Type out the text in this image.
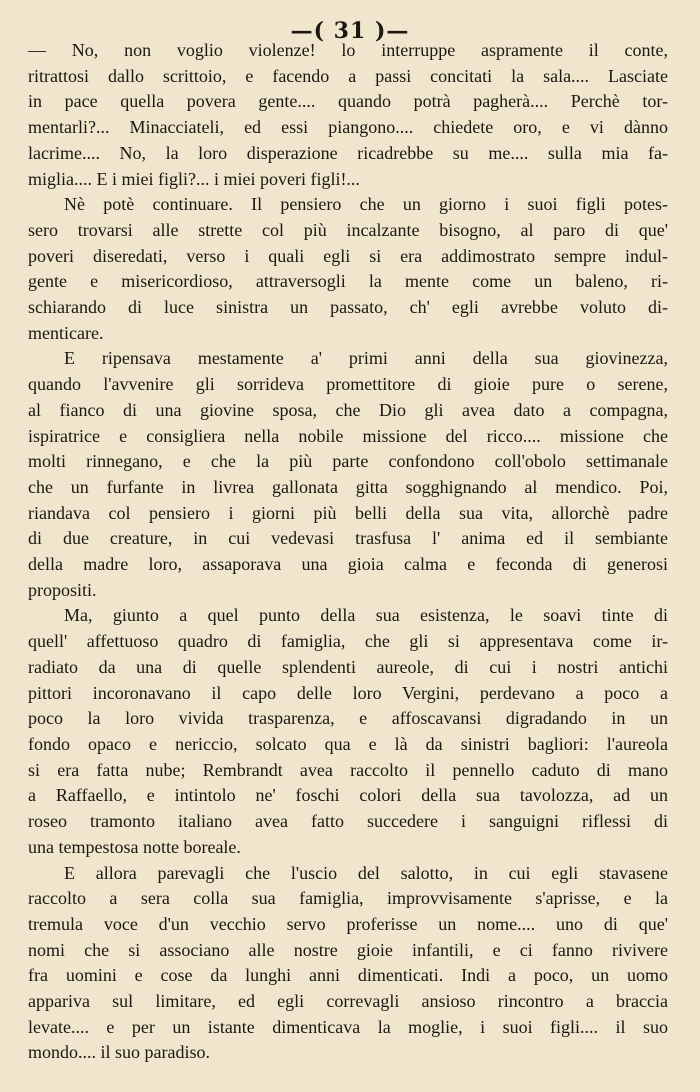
—( 31 )—

— No, non voglio violenze! lo interruppe aspramente il conte,
ritrattosi dallo scrittoio, e facendo a passi concitati la sala.... Lasciate
in pace quella povera gente.... quando potrà pagherà.... Perchè tor-
mentarli?... Minacciateli, ed essi piangono.... chiedete oro, e vi dànno
lacrime.... No, la loro disperazione ricadrebbe su me.... sulla mia fa-
miglia.... E i miei figli?... i miei poveri figli!...

Nè potè continuare. Il pensiero che un giorno i suoi figli potes-
sero trovarsi alle strette col più incalzante bisogno, al paro di que'
poveri diseredati, verso i quali egli si era addimostrato sempre indul-
gente e misericordioso, attraversogli la mente come un baleno, ri-
schiarando di luce sinistra un passato, ch' egli avrebbe voluto di-
menticare.

E ripensava mestamente a' primi anni della sua giovinezza,
quando l'avvenire gli sorrideva promettitore di gioie pure o serene,
al fianco di una giovine sposa, che Dio gli avea dato a compagna,
ispiratrice e consigliera nella nobile missione del ricco.... missione che
molti rinnegano, e che la più parte confondono coll'obolo settimanale
che un furfante in livrea gallonata gitta sogghignando al mendico. Poi,
riandava col pensiero i giorni più belli della sua vita, allorchè padre
di due creature, in cui vedevasi trasfusa l' anima ed il sembiante
della madre loro, assaporava una gioia calma e feconda di generosi
propositi.

Ma, giunto a quel punto della sua esistenza, le soavi tinte di
quell' affettuoso quadro di famiglia, che gli si appresentava come ir-
radiato da una di quelle splendenti aureole, di cui i nostri antichi
pittori incoronavano il capo delle loro Vergini, perdevano a poco a
poco la loro vivida trasparenza, e affoscavansi digradando in un
fondo opaco e nericcio, solcato qua e là da sinistri bagliori: l'aureola
si era fatta nube; Rembrandt avea raccolto il pennello caduto di mano
a Raffaello, e intintolo ne' foschi colori della sua tavolozza, ad un
roseo tramonto italiano avea fatto succedere i sanguigni riflessi di
una tempestosa notte boreale.

E allora parevagli che l'uscio del salotto, in cui egli stavasene
raccolto a sera colla sua famiglia, improvvisamente s'aprisse, e la
tremula voce d'un vecchio servo proferisse un nome.... uno di que'
nomi che si associano alle nostre gioie infantili, e ci fanno rivivere
fra uomini e cose da lunghi anni dimenticati. Indi a poco, un uomo
appariva sul limitare, ed egli correvagli ansioso rincontro a braccia
levate.... e per un istante dimenticava la moglie, i suoi figli.... il suo
mondo.... il suo paradiso.
